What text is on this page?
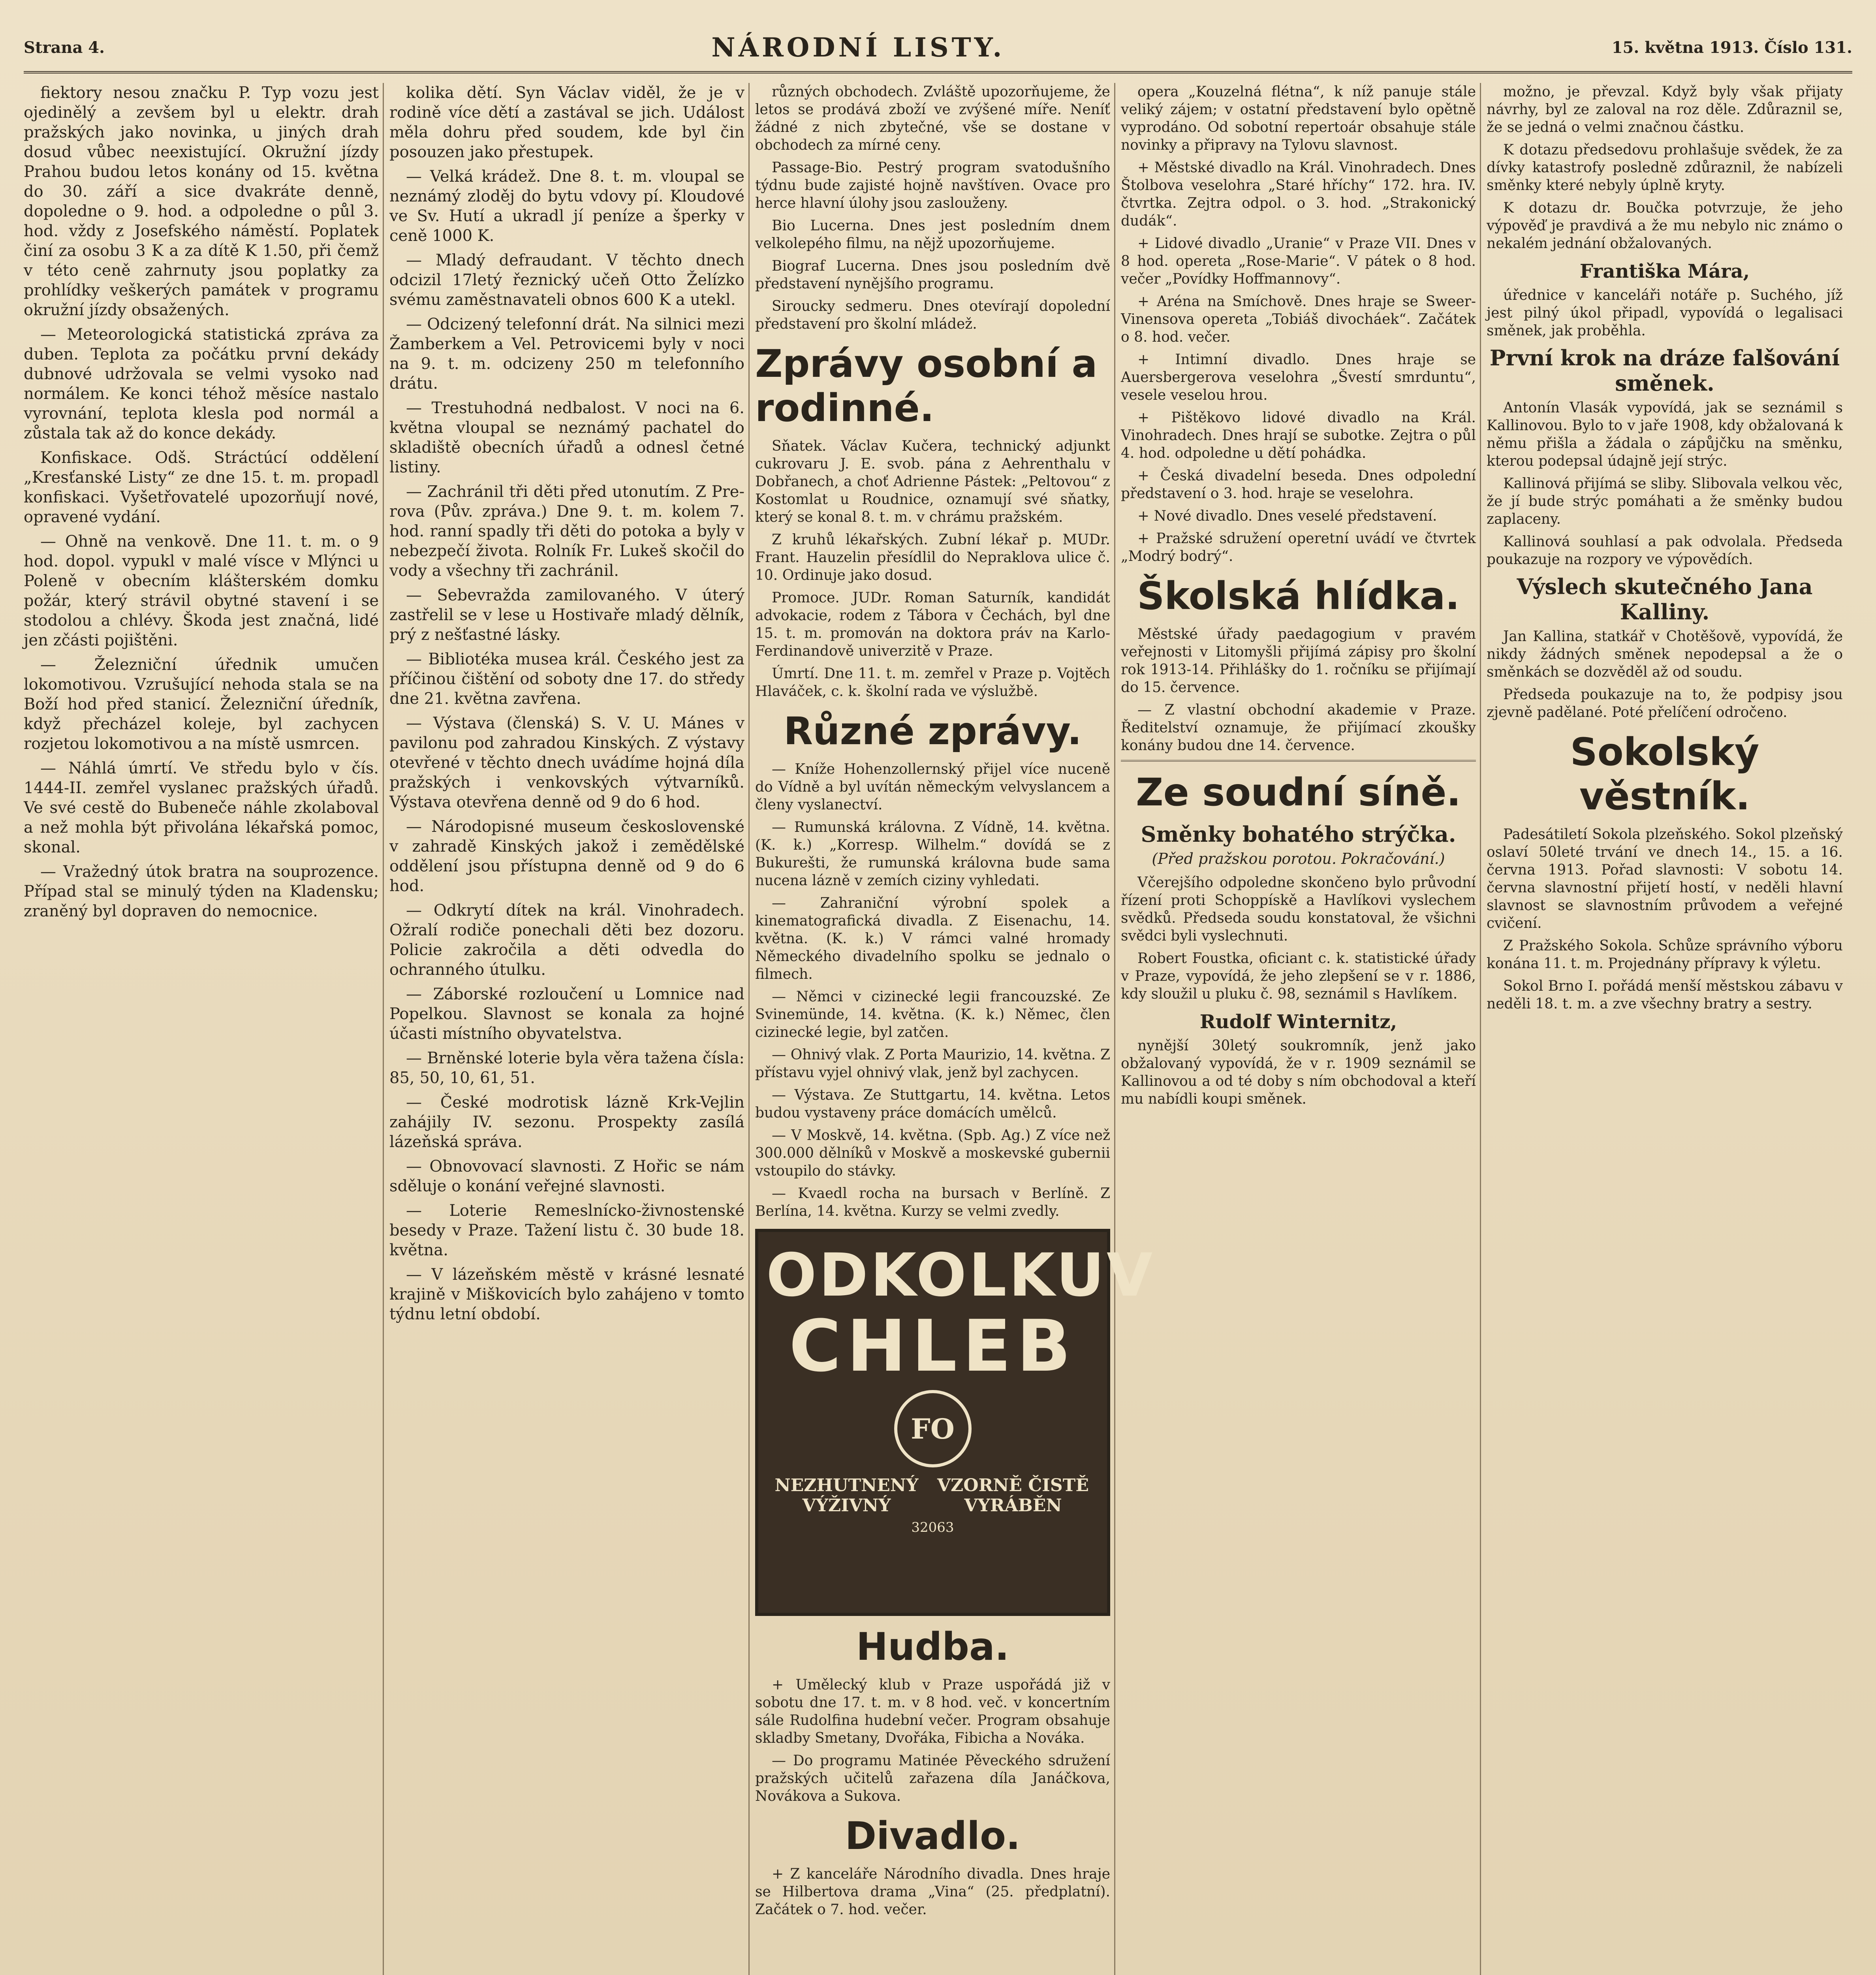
Strana 4.	NÁRODNÍ LISTY.	15. května 1913. Číslo 131.

fiektory nesou značku P. Typ vozu jest ojedinělý a zevšem byl u elektr. drah pražských jako novinka, u jiných drah dosud vůbec neexistující. Okružní jízdy Prahou budou letos konány od 15. května do 30. září a sice dvakráte denně, dopoledne o 9. hod. a odpoledne o půl 3. hod. vždy z Josefského náměstí. Poplatek činí za osobu 3 K a za dítě K 1.50, při čemž v této ceně zahrnuty jsou poplatky za prohlídky veškerých památek v programu okružní jízdy obsažených.

— Meteorologická statistická zpráva za duben. Teplota za počátku první dekády dubnové udržovala se velmi vysoko nad normálem. Ke konci téhož měsíce nastalo vyrovnání, teplota klesla pod normál a zůstala tak až do konce dekády.

Konfiskace. Odš. Stráctúcí oddělení „Kresťanské Listy“ ze dne 15. t. m. propadl konfiskaci. Vyšetřovatelé upozorňují nové, opravené vydání.

— Ohně na venkově. Dne 11. t. m. o 9 hod. dopol. vypukl v malé vísce v Mlýnci u Poleně v obecním klášterském domku požár, který strávil obytné stavení i se stodolou a chlévy. Škoda jest značná, lidé jen zčásti pojištěni.

— Železniční úřednik umučen lokomotivou. Vzrušující nehoda stala se na Boží hod před stanicí. Železniční úředník, když přecházel koleje, byl zachycen rozjetou lokomotivou a na místě usmrcen.

— Náhlá úmrtí. Ve středu bylo v čís. 1444-II. zemřel vyslanec pražských úřadů. Ve své cestě do Bubeneče náhle zkolaboval a než mohla být přivolána lékařská pomoc, skonal.

— Vražedný útok bratra na souprozence. Případ stal se minulý týden na Kladensku; zraněný byl dopraven do nemocnice.

kolika dětí. Syn Václav viděl, že je v rodině více dětí a zastával se jich. Událost měla dohru před soudem, kde byl čin posouzen jako přestupek.

— Velká krádež. Dne 8. t. m. vloupal se neznámý zloděj do bytu vdovy pí. Kloudové ve Sv. Hutí a ukradl jí peníze a šperky v ceně 1000 K.

— Mladý defraudant. V těchto dnech odcizil 17letý řeznický učeň Otto Želízko svému zaměstnavateli obnos 600 K a utekl.

— Odcizený telefonní drát. Na silnici mezi Žamberkem a Vel. Petrovicemi byly v noci na 9. t. m. odcizeny 250 m telefonního drátu.

— Trestuhodná nedbalost. V noci na 6. května vloupal se neznámý pachatel do skladiště obecních úřadů a odnesl četné listiny.

— Zachránil tři děti před utonutím. Z Pre-rova (Pův. zpráva.) Dne 9. t. m. kolem 7. hod. ranní spadly tři děti do potoka a byly v nebezpečí života. Rolník Fr. Lukeš skočil do vody a všechny tři zachránil.

— Sebevražda zamilovaného. V úterý zastřelil se v lese u Hostivaře mladý dělník, prý z nešťastné lásky.

— Bibliotéka musea král. Českého jest za příčinou čištění od soboty dne 17. do středy dne 21. května zavřena.

— Výstava (členská) S. V. U. Mánes v pavilonu pod zahradou Kinských. Z výstavy otevřené v těchto dnech uvádíme hojná díla pražských i venkovských výtvarníků. Výstava otevřena denně od 9 do 6 hod.

— Národopisné museum československé v zahradě Kinských jakož i zemědělské oddělení jsou přístupna denně od 9 do 6 hod.

— Odkrytí dítek na král. Vinohradech. Ožralí rodiče ponechali děti bez dozoru. Policie zakročila a děti odvedla do ochranného útulku.

— Záborské rozloučení u Lomnice nad Popelkou. Slavnost se konala za hojné účasti místního obyvatelstva.

— Brněnské loterie byla věra tažena čísla: 85, 50, 10, 61, 51.

— České modrotisk lázně Krk-Vejlin zahájily IV. sezonu. Prospekty zasílá lázeňská správa.

— Obnovovací slavnosti. Z Hořic se nám sděluje o konání veřejné slavnosti.

— Loterie Remeslnícko-živnostenské besedy v Praze. Tažení listu č. 30 bude 18. května.

— V lázeňském městě v krásné lesnaté krajině v Miškovicích bylo zahájeno v tomto týdnu letní období.

různých obchodech. Zvláště upozorňujeme, že letos se prodává zboží ve zvýšené míře. Neníť žádné z nich zbytečné, vše se dostane v obchodech za mírné ceny.

Passage-Bio. Pestrý program svatodušního týdnu bude zajisté hojně navštíven. Ovace pro herce hlavní úlohy jsou zaslouženy.

Bio Lucerna. Dnes jest posledním dnem velkolepého filmu, na nějž upozorňujeme.

Biograf Lucerna. Dnes jsou posledním dvě představení nynějšího programu.

Siroucky sedmeru. Dnes otevírají dopolední představení pro školní mládež.

Zprávy osobní a rodinné.

Sňatek. Václav Kučera, technický adjunkt cukrovaru J. E. svob. pána z Aehrenthalu v Dobřanech, a choť Adrienne Pástek: „Peltovou“ z Kostomlat u Roudnice, oznamují své sňatky, který se konal 8. t. m. v chrámu pražském.

Z kruhů lékařských. Zubní lékař p. MUDr. Frant. Hauzelin přesídlil do Nepraklova ulice č. 10. Ordinuje jako dosud.

Promoce. JUDr. Roman Saturník, kandidát advokacie, rodem z Tábora v Čechách, byl dne 15. t. m. promován na doktora práv na Karlo-Ferdinandově univerzitě v Praze.

Úmrtí. Dne 11. t. m. zemřel v Praze p. Vojtěch Hlaváček, c. k. školní rada ve výslužbě.

Různé zprávy.

— Kníže Hohenzollernský přijel více nuceně do Vídně a byl uvítán německým velvyslancem a členy vyslanectví.

— Rumunská královna. Z Vídně, 14. května. (K. k.) „Korresp. Wilhelm.“ dovídá se z Bukurešti, že rumunská královna bude sama nucena lázně v zemích ciziny vyhledati.

— Zahraniční výrobní spolek a kinematografická divadla. Z Eisenachu, 14. května. (K. k.) V rámci valné hromady Německého divadelního spolku se jednalo o filmech.

— Němci v cizinecké legii francouzské. Ze Svinemünde, 14. května. (K. k.) Němec, člen cizinecké legie, byl zatčen.

— Ohnivý vlak. Z Porta Maurizio, 14. května. Z přístavu vyjel ohnivý vlak, jenž byl zachycen.

— Výstava. Ze Stuttgartu, 14. května. Letos budou vystaveny práce domácích umělců.

— V Moskvě, 14. května. (Spb. Ag.) Z více než 300.000 dělníků v Moskvě a moskevské gubernii vstoupilo do stávky.

— Kvaedl rocha na bursach v Berlíně. Z Berlína, 14. května. Kurzy se velmi zvedly.

ODKOLKUV
CHLEB
FO
NEZHUTNENÝ VÝŽIVNÝ
VZORNĚ ČISTĚ VYRÁBĚN
32063
Hudba.

+ Umělecký klub v Praze uspořádá již v sobotu dne 17. t. m. v 8 hod. več. v koncertním sále Rudolfina hudební večer. Program obsahuje skladby Smetany, Dvořáka, Fibicha a Nováka.

— Do programu Matinée Pěveckého sdružení pražských učitelů zařazena díla Janáčkova, Novákova a Sukova.

Divadlo.

+ Z kanceláře Národního divadla. Dnes hraje se Hilbertova drama „Vina“ (25. předplatní). Začátek o 7. hod. večer.

opera „Kouzelná flétna“, k níž panuje stále veliký zájem; v ostatní představení bylo opětně vyprodáno. Od sobotní repertoár obsahuje stále novinky a připravy na Tylovu slavnost.

+ Městské divadlo na Král. Vinohradech. Dnes Štolbova veselohra „Staré hříchy“ 172. hra. IV. čtvrtka. Zejtra odpol. o 3. hod. „Strakonický dudák“.

+ Lidové divadlo „Uranie“ v Praze VII. Dnes v 8 hod. opereta „Rose-Marie“. V pátek o 8 hod. večer „Povídky Hoffmannovy“.

+ Aréna na Smíchově. Dnes hraje se Sweer-Vinensova opereta „Tobiáš divocháek“. Začátek o 8. hod. večer.

+ Intimní divadlo. Dnes hraje se Auersbergerova veselohra „Švestí smrduntu“, vesele veselou hrou.

+ Pištěkovo lidové divadlo na Král. Vinohradech. Dnes hrají se subotke. Zejtra o půl 4. hod. odpoledne u dětí pohádka.

+ Česká divadelní beseda. Dnes odpolední představení o 3. hod. hraje se veselohra.

+ Nové divadlo. Dnes veselé představení.

+ Pražské sdružení operetní uvádí ve čtvrtek „Modrý bodrý“.

Školská hlídka.

Městské úřady paedagogium v pravém veřejnosti v Litomyšli přijímá zápisy pro školní rok 1913-14. Přihlášky do 1. ročníku se přijímají do 15. července.

— Z vlastní obchodní akademie v Praze. Ředitelství oznamuje, že přijímací zkoušky konány budou dne 14. července.

Ze soudní síně.
Směnky bohatého strýčka.
(Před pražskou porotou. Pokračování.)

Včerejšího odpoledne skončeno bylo průvodní řízení proti Schoppískě a Havlíkovi vyslechem svědků. Předseda soudu konstatoval, že všichni svědci byli vyslechnuti.

Robert Foustka, oficiant c. k. statistické úřady v Praze, vypovídá, že jeho zlepšení se v r. 1886, kdy sloužil u pluku č. 98, seznámil s Havlíkem.

Rudolf Winternitz,

nynější 30letý soukromník, jenž jako obžalovaný vypovídá, že v r. 1909 seznámil se Kallinovou a od té doby s ním obchodoval a kteří mu nabídli koupi směnek.

možno, je převzal. Když byly však přijaty návrhy, byl ze zaloval na roz děle. Zdůraznil se, že se jedná o velmi značnou částku.

K dotazu předsedovu prohlašuje svědek, že za dívky katastrofy posledně zdůraznil, že nabízeli směnky které nebyly úplně kryty.

K dotazu dr. Boučka potvrzuje, že jeho výpověď je pravdivá a že mu nebylo nic známo o nekalém jednání obžalovaných.

Františka Mára,

úřednice v kanceláři notáře p. Suchého, jíž jest pilný úkol připadl, vypovídá o legalisaci směnek, jak proběhla.

První krok na dráze falšování směnek.

Antonín Vlasák vypovídá, jak se seznámil s Kallinovou. Bylo to v jaře 1908, kdy obžalovaná k němu přišla a žádala o zápůjčku na směnku, kterou podepsal údajně její strýc.

Kallinová přijímá se sliby. Slibovala velkou věc, že jí bude strýc pomáhati a že směnky budou zaplaceny.

Kallinová souhlasí a pak odvolala. Předseda poukazuje na rozpory ve výpovědích.

Výslech skutečného Jana Kalliny.

Jan Kallina, statkář v Chotěšově, vypovídá, že nikdy žádných směnek nepodepsal a že o směnkách se dozvěděl až od soudu.

Předseda poukazuje na to, že podpisy jsou zjevně padělané. Poté přelíčení odročeno.

Sokolský věstník.

Padesátiletí Sokola plzeňského. Sokol plzeňský oslaví 50leté trvání ve dnech 14., 15. a 16. června 1913. Pořad slavnosti: V sobotu 14. června slavnostní přijetí hostí, v neděli hlavní slavnost se slavnostním průvodem a veřejné cvičení.

Z Pražského Sokola. Schůze správního výboru konána 11. t. m. Projednány přípravy k výletu.

Sokol Brno I. pořádá menší městskou zábavu v neděli 18. t. m. a zve všechny bratry a sestry.
